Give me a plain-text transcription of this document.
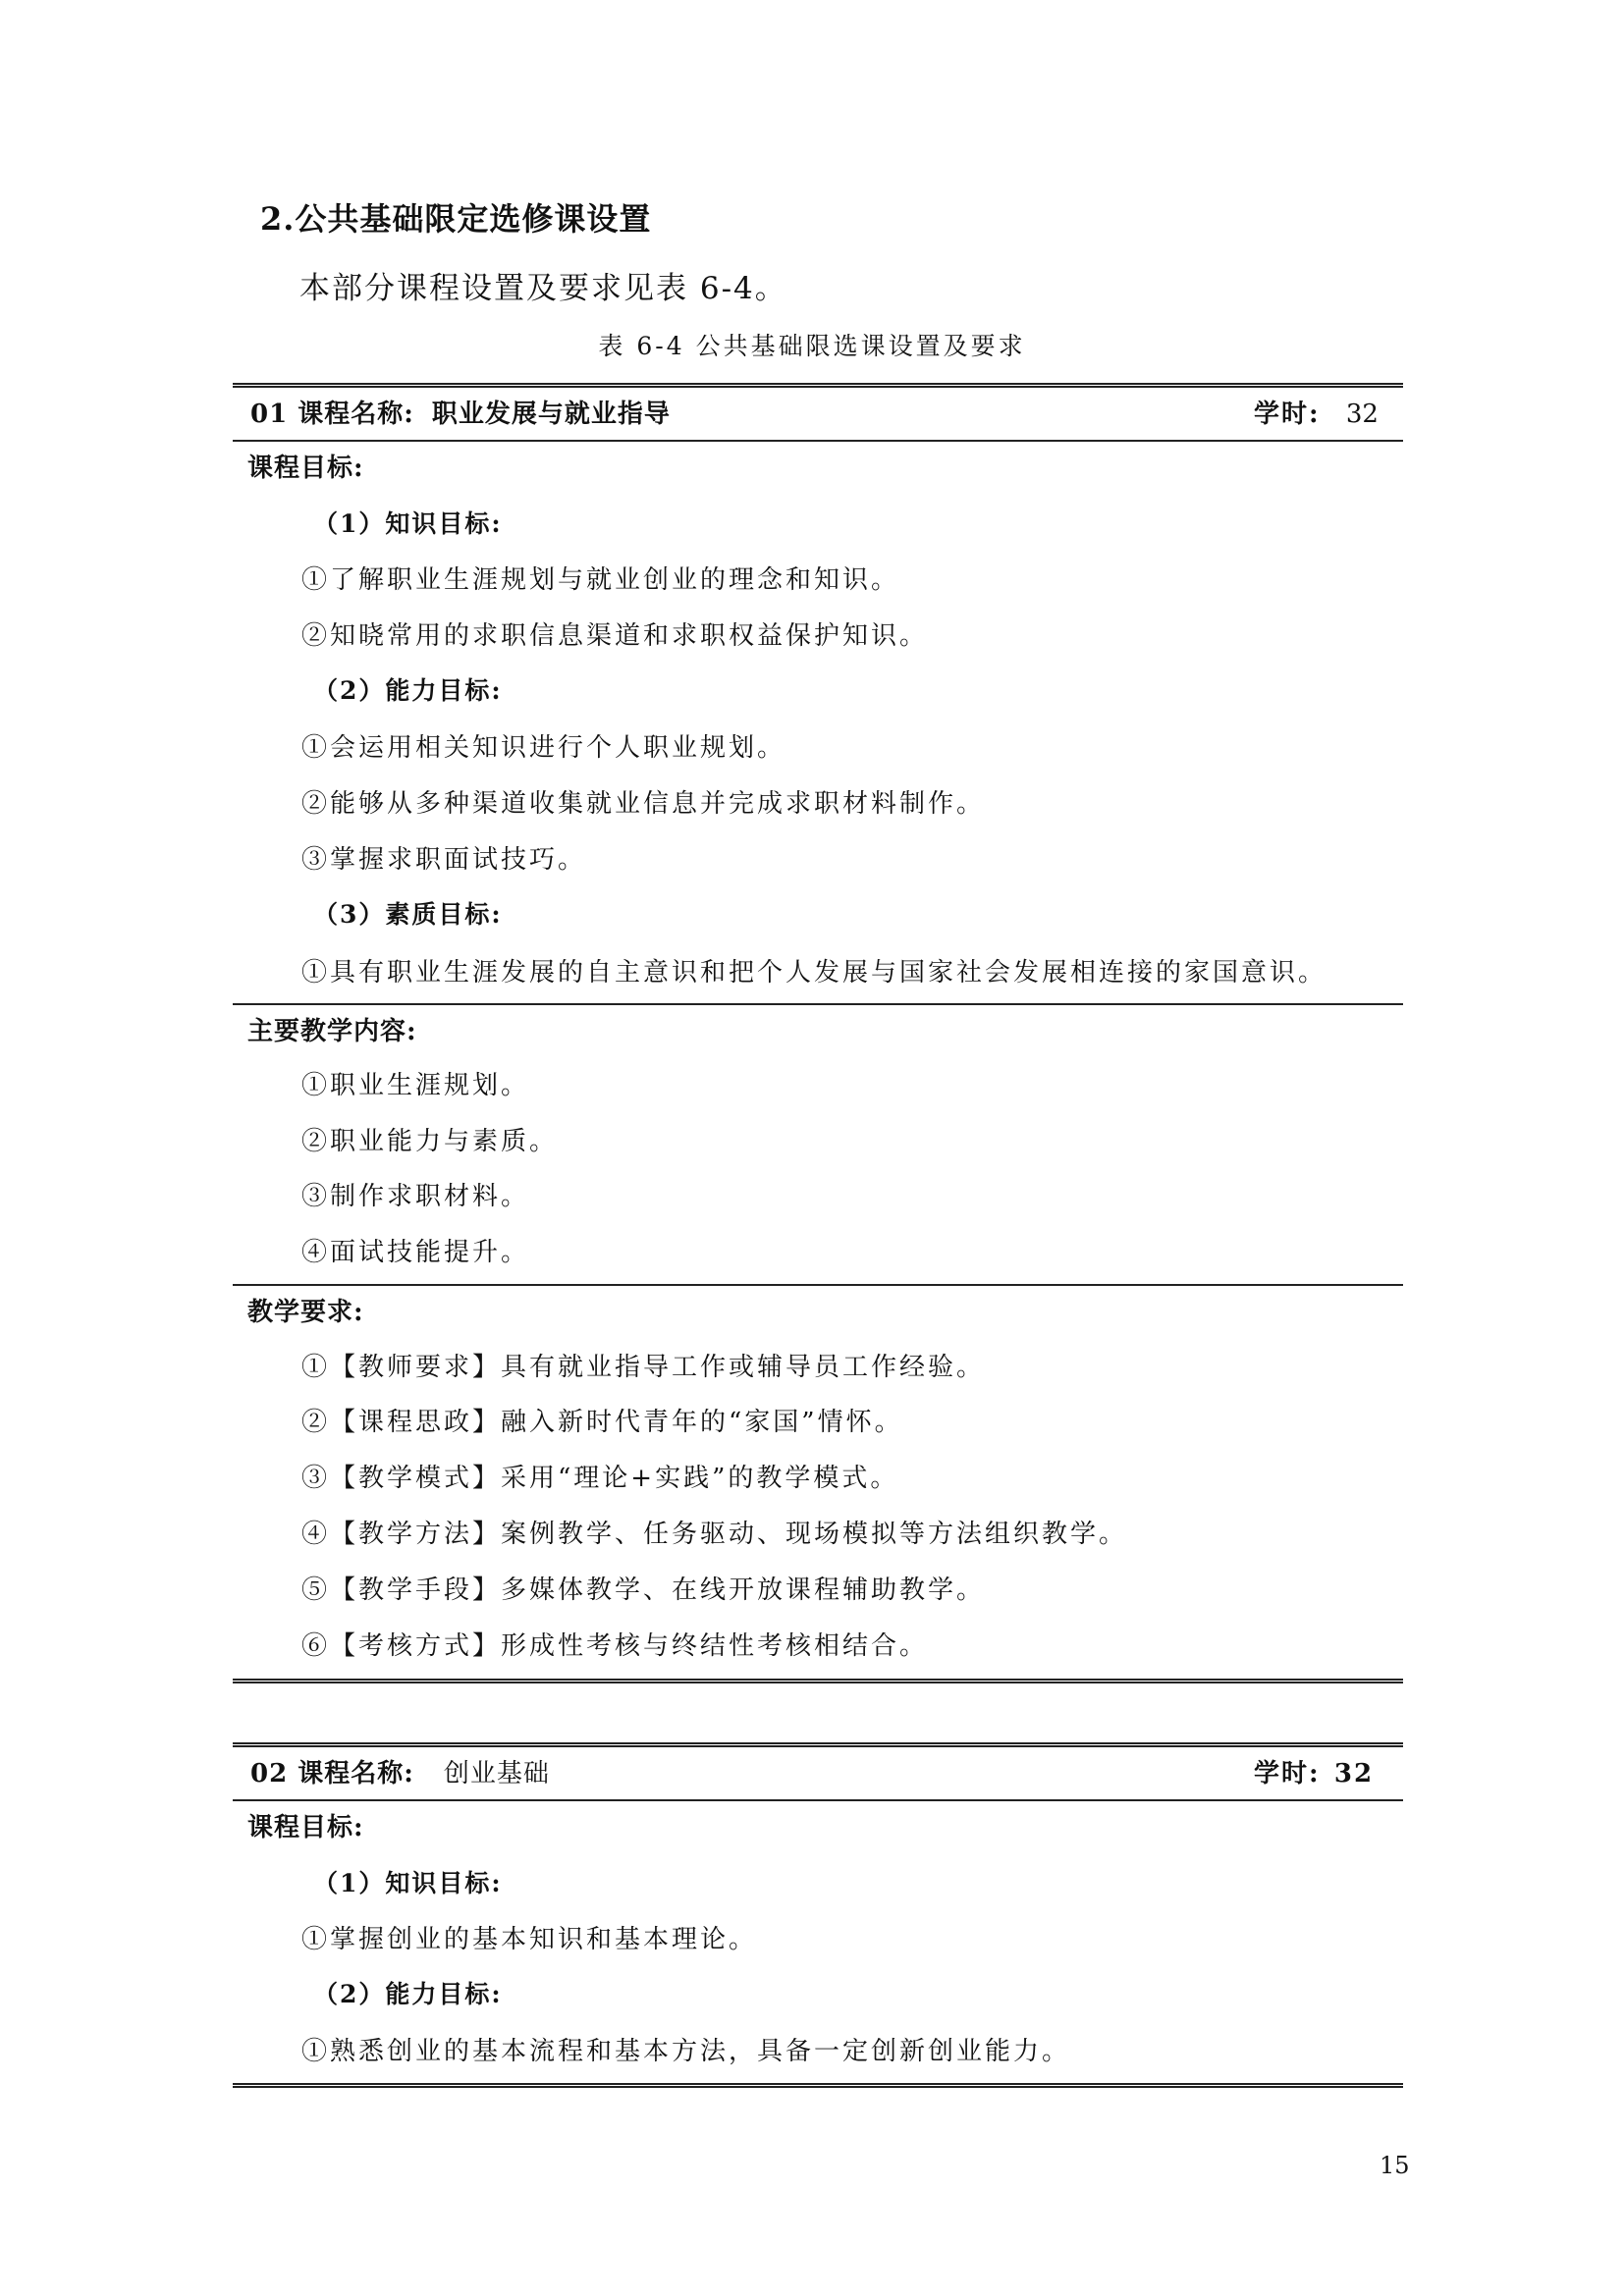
2.公共基础限定选修课设置
本部分课程设置及要求见表 6-4。
表 6-4 公共基础限选课设置及要求
01 课程名称: 职业发展与就业指导	学时: 32
课程目标:
（1）知识目标:
①了解职业生涯规划与就业创业的理念和知识。
②知晓常用的求职信息渠道和求职权益保护知识。
（2）能力目标:
①会运用相关知识进行个人职业规划。
②能够从多种渠道收集就业信息并完成求职材料制作。
③掌握求职面试技巧。
（3）素质目标:
①具有职业生涯发展的自主意识和把个人发展与国家社会发展相连接的家国意识。
主要教学内容:
①职业生涯规划。
②职业能力与素质。
③制作求职材料。
④面试技能提升。
教学要求:
①【教师要求】具有就业指导工作或辅导员工作经验。
②【课程思政】融入新时代青年的“家国”情怀。
③【教学模式】采用“理论+实践”的教学模式。
④【教学方法】案例教学、任务驱动、现场模拟等方法组织教学。
⑤【教学手段】多媒体教学、在线开放课程辅助教学。
⑥【考核方式】形成性考核与终结性考核相结合。
02 课程名称: 创业基础	学时: 32
课程目标:
（1）知识目标:
①掌握创业的基本知识和基本理论。
（2）能力目标:
①熟悉创业的基本流程和基本方法，具备一定创新创业能力。
15
